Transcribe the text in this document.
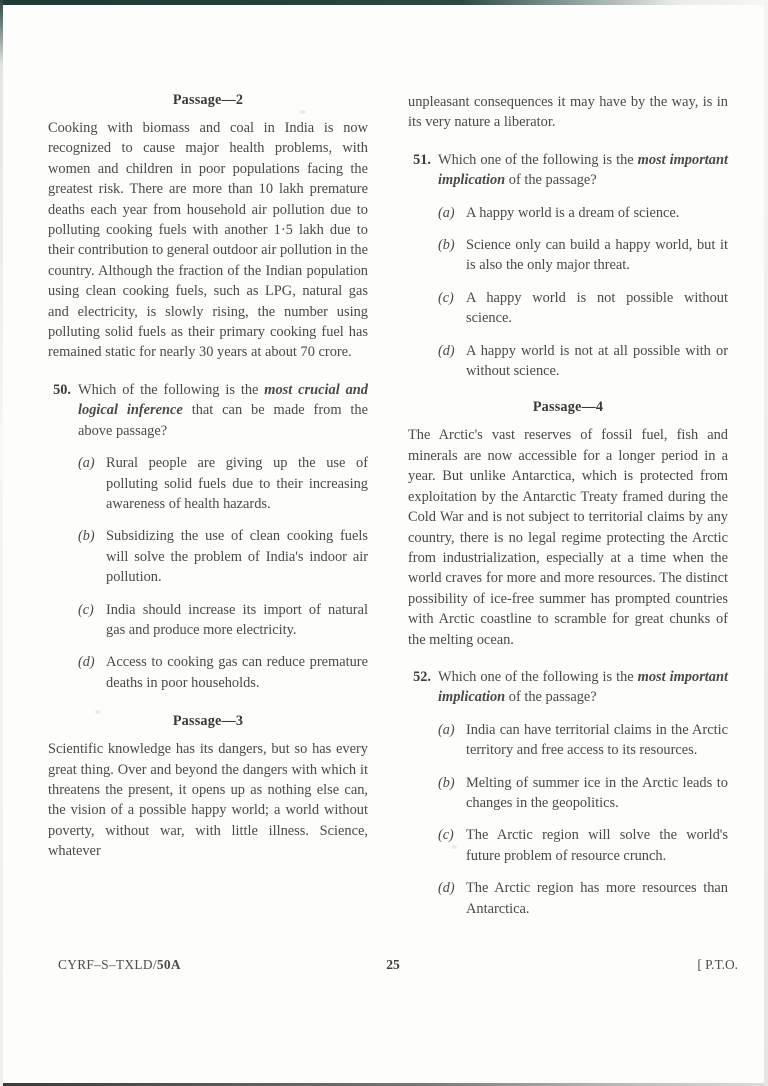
Passage—2

Cooking with biomass and coal in India is now recognized to cause major health problems, with women and children in poor populations facing the greatest risk. There are more than 10 lakh premature deaths each year from household air pollution due to polluting cooking fuels with another 1·5 lakh due to their contribution to general outdoor air pollution in the country. Although the fraction of the Indian population using clean cooking fuels, such as LPG, natural gas and electricity, is slowly rising, the number using polluting solid fuels as their primary cooking fuel has remained static for nearly 30 years at about 70 crore.

50. Which of the following is the most crucial and logical inference that can be made from the above passage?
(a) Rural people are giving up the use of polluting solid fuels due to their increasing awareness of health hazards.
(b) Subsidizing the use of clean cooking fuels will solve the problem of India's indoor air pollution.
(c) India should increase its import of natural gas and produce more electricity.
(d) Access to cooking gas can reduce premature deaths in poor households.
Passage—3

Scientific knowledge has its dangers, but so has every great thing. Over and beyond the dangers with which it threatens the present, it opens up as nothing else can, the vision of a possible happy world; a world without poverty, without war, with little illness. Science, whatever

unpleasant consequences it may have by the way, is in its very nature a liberator.

51. Which one of the following is the most important implication of the passage?
(a) A happy world is a dream of science.
(b) Science only can build a happy world, but it is also the only major threat.
(c) A happy world is not possible without science.
(d) A happy world is not at all possible with or without science.
Passage—4

The Arctic's vast reserves of fossil fuel, fish and minerals are now accessible for a longer period in a year. But unlike Antarctica, which is protected from exploitation by the Antarctic Treaty framed during the Cold War and is not subject to territorial claims by any country, there is no legal regime protecting the Arctic from industrialization, especially at a time when the world craves for more and more resources. The distinct possibility of ice-free summer has prompted countries with Arctic coastline to scramble for great chunks of the melting ocean.

52. Which one of the following is the most important implication of the passage?
(a) India can have territorial claims in the Arctic territory and free access to its resources.
(b) Melting of summer ice in the Arctic leads to changes in the geopolitics.
(c) The Arctic region will solve the world's future problem of resource crunch.
(d) The Arctic region has more resources than Antarctica.
CYRF–S–TXLD/50A	25	[ P.T.O.
